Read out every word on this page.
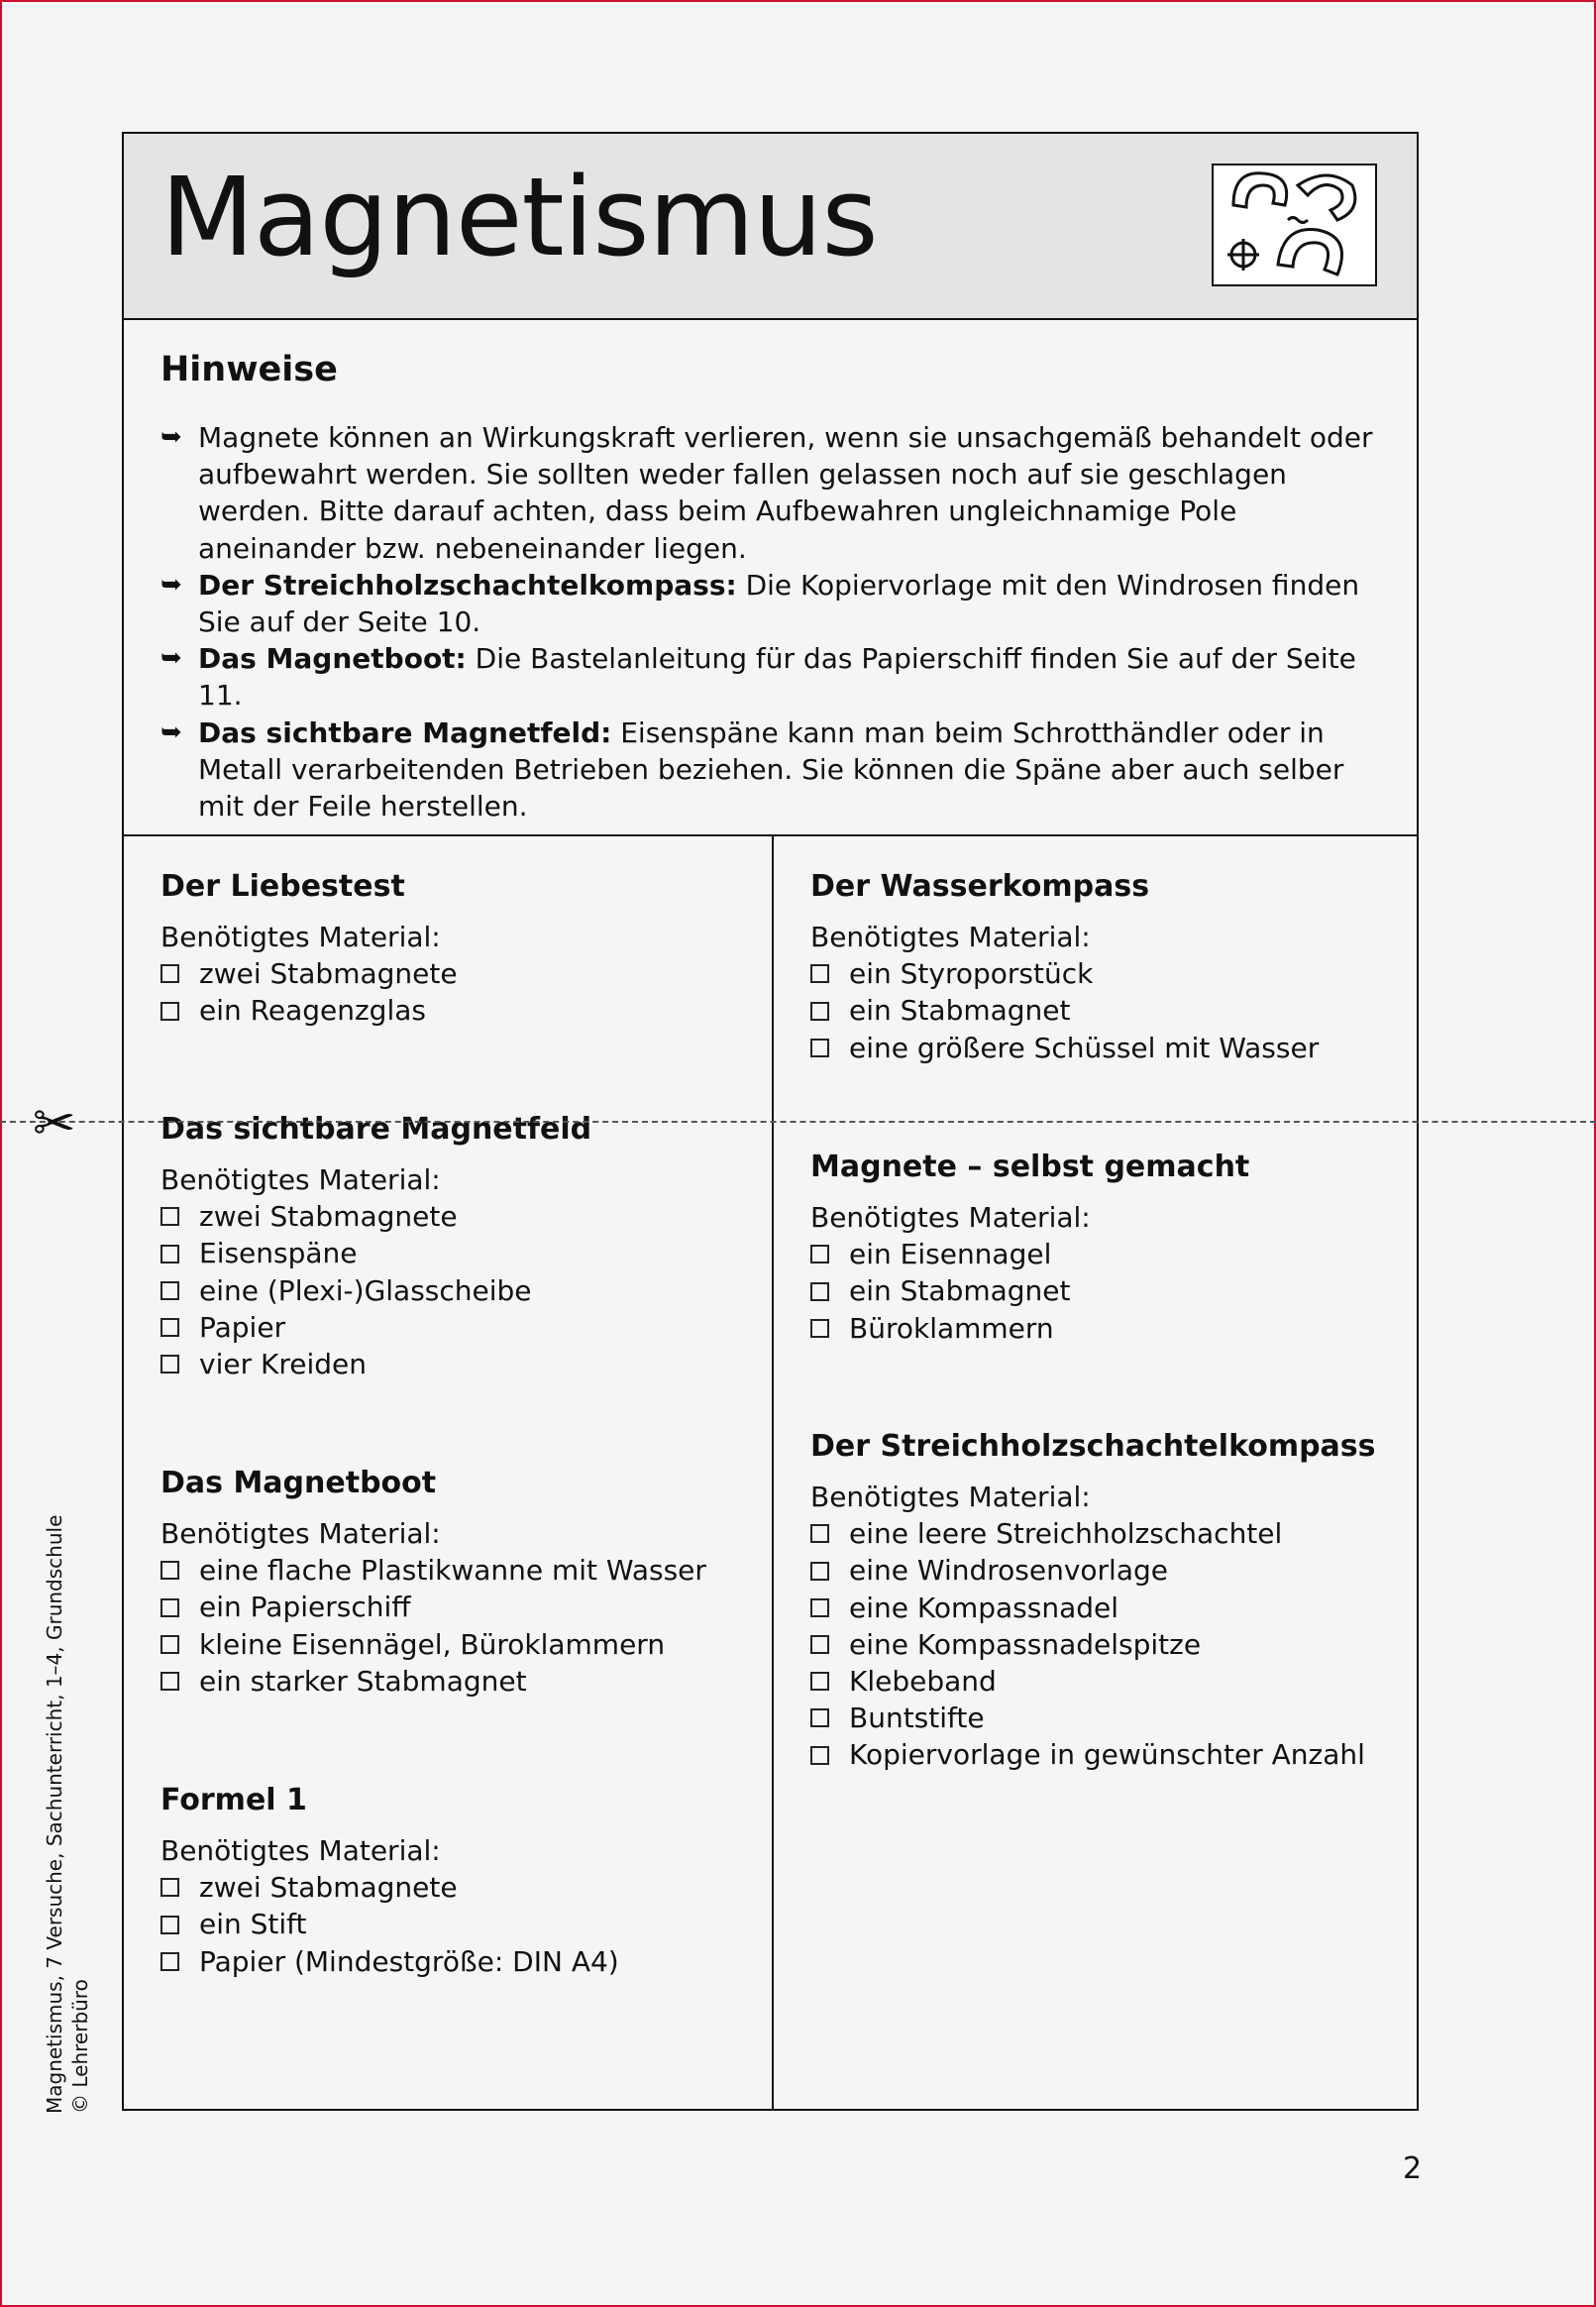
Magnetismus
Hinweise
➥ Magnete können an Wirkungskraft verlieren, wenn sie unsachgemäß behandelt oder aufbewahrt werden. Sie sollten weder fallen gelassen noch auf sie geschlagen werden. Bitte darauf achten, dass beim Aufbewahren ungleichnamige Pole aneinander bzw. nebeneinander liegen.
➥ Der Streichholzschachtelkompass: Die Kopiervorlage mit den Windrosen finden Sie auf der Seite 10.
➥ Das Magnetboot: Die Bastelanleitung für das Papierschiff finden Sie auf der Seite 11.
➥ Das sichtbare Magnetfeld: Eisenspäne kann man beim Schrotthändler oder in Metall verarbeitenden Betrieben beziehen. Sie können die Späne aber auch selber mit der Feile herstellen.
Der Liebestest
Benötigtes Material:
zwei Stabmagnete
ein Reagenzglas
Das sichtbare Magnetfeld
Benötigtes Material:
zwei Stabmagnete
Eisenspäne
eine (Plexi-)Glasscheibe
Papier
vier Kreiden
Das Magnetboot
Benötigtes Material:
eine flache Plastikwanne mit Wasser
ein Papierschiff
kleine Eisennägel, Büroklammern
ein starker Stabmagnet
Formel 1
Benötigtes Material:
zwei Stabmagnete
ein Stift
Papier (Mindestgröße: DIN A4)
Der Wasserkompass
Benötigtes Material:
ein Styroporstück
ein Stabmagnet
eine größere Schüssel mit Wasser
Magnete – selbst gemacht
Benötigtes Material:
ein Eisennagel
ein Stabmagnet
Büroklammern
Der Streichholzschachtelkompass
Benötigtes Material:
eine leere Streichholzschachtel
eine Windrosenvorlage
eine Kompassnadel
eine Kompassnadelspitze
Klebeband
Buntstifte
Kopiervorlage in gewünschter Anzahl
✂
Magnetismus, 7 Versuche, Sachunterricht, 1–4, Grundschule © Lehrerbüro
2
